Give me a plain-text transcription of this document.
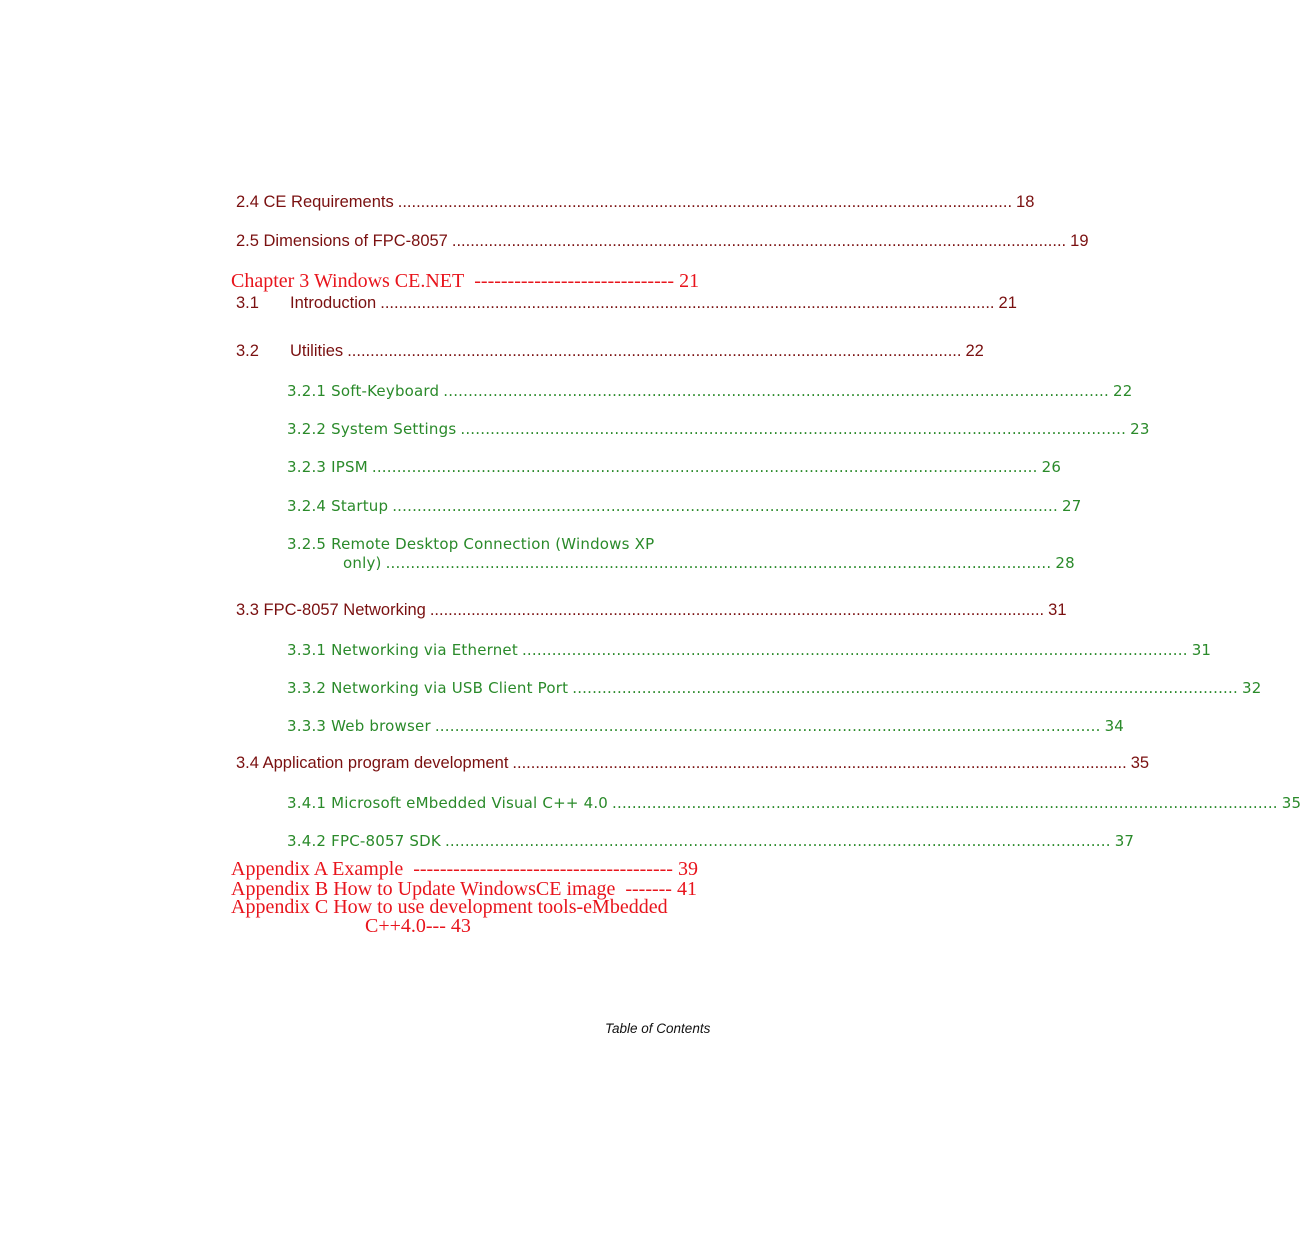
2.4 CE Requirements ...................................................................................................................................... 18
2.5 Dimensions of FPC-8057 ...................................................................................................................................... 19
Chapter 3 Windows CE.NET ------------------------------ 21
3.1	Introduction ...................................................................................................................................... 21
3.2	Utilities ...................................................................................................................................... 22
3.2.1 Soft-Keyboard ...................................................................................................................................... 22
3.2.2 System Settings ...................................................................................................................................... 23
3.2.3 IPSM ...................................................................................................................................... 26
3.2.4 Startup ...................................................................................................................................... 27
3.2.5 Remote Desktop Connection (Windows XP
only) ...................................................................................................................................... 28
3.3 FPC-8057 Networking ...................................................................................................................................... 31
3.3.1 Networking via Ethernet ...................................................................................................................................... 31
3.3.2 Networking via USB Client Port ...................................................................................................................................... 32
3.3.3 Web browser ...................................................................................................................................... 34
3.4 Application program development ...................................................................................................................................... 35
3.4.1 Microsoft eMbedded Visual C++ 4.0 ...................................................................................................................................... 35
3.4.2 FPC-8057 SDK ...................................................................................................................................... 37
Appendix A Example --------------------------------------- 39
Appendix B How to Update WindowsCE image ------- 41
Appendix C How to use development tools-eMbedded
C++4.0--- 43
Table of Contents
